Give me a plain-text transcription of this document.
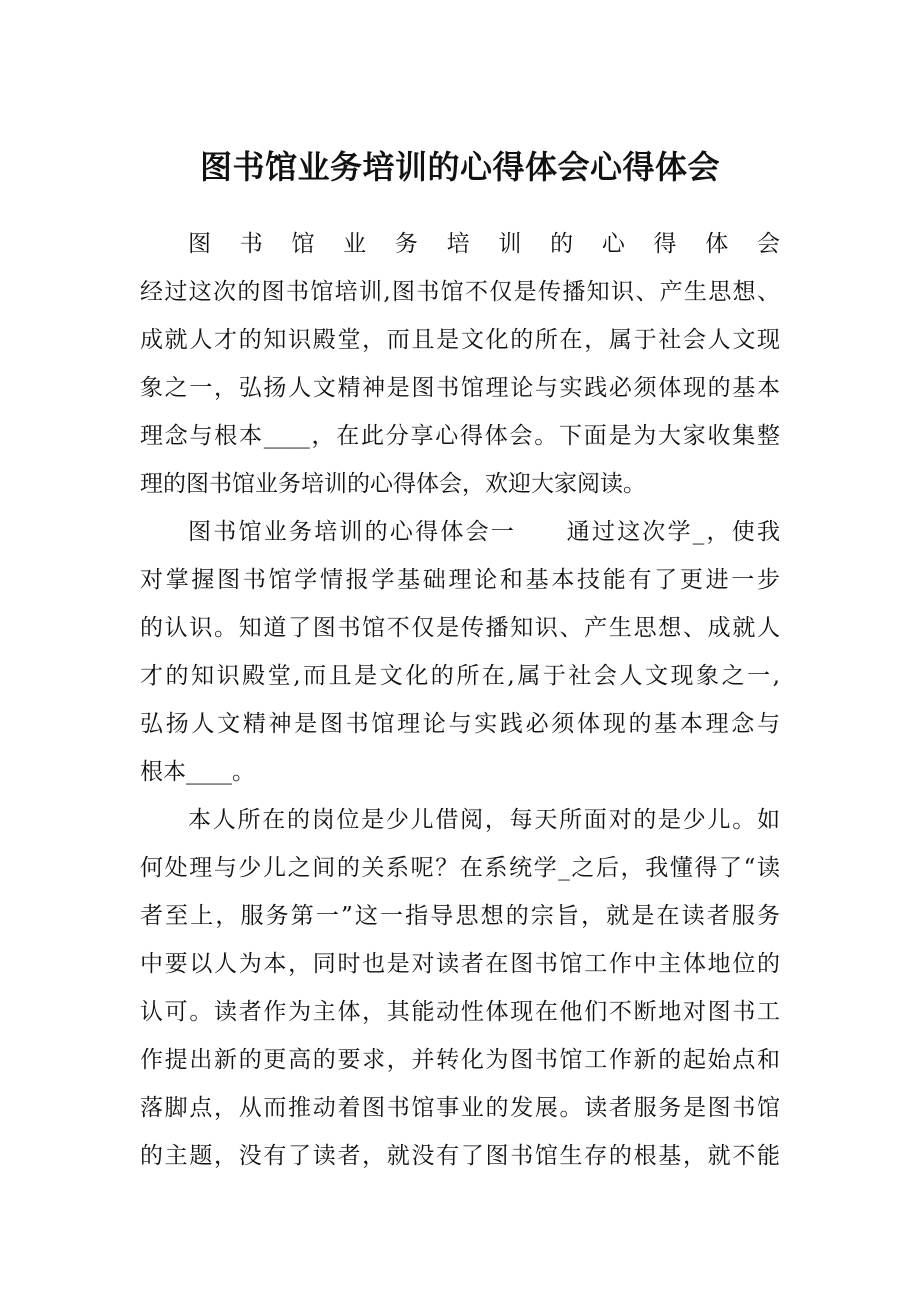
图书馆业务培训的心得体会心得体会
图　书　馆　业　务　培　训　的　心　得　体　会
经过这次的图书馆培训,图书馆不仅是传播知识、产生思想、
成就人才的知识殿堂，而且是文化的所在，属于社会人文现
象之一，弘扬人文精神是图书馆理论与实践必须体现的基本
理念与根本____，在此分享心得体会。下面是为大家收集整
理的图书馆业务培训的心得体会，欢迎大家阅读。
图书馆业务培训的心得体会一　　通过这次学_，使我
对掌握图书馆学情报学基础理论和基本技能有了更进一步
的认识。知道了图书馆不仅是传播知识、产生思想、成就人
才的知识殿堂,而且是文化的所在,属于社会人文现象之一,
弘扬人文精神是图书馆理论与实践必须体现的基本理念与
根本____。
本人所在的岗位是少儿借阅，每天所面对的是少儿。如
何处理与少儿之间的关系呢？在系统学_之后，我懂得了“读
者至上，服务第一”这一指导思想的宗旨，就是在读者服务
中要以人为本，同时也是对读者在图书馆工作中主体地位的
认可。读者作为主体，其能动性体现在他们不断地对图书工
作提出新的更高的要求，并转化为图书馆工作新的起始点和
落脚点，从而推动着图书馆事业的发展。读者服务是图书馆
的主题，没有了读者，就没有了图书馆生存的根基，就不能
